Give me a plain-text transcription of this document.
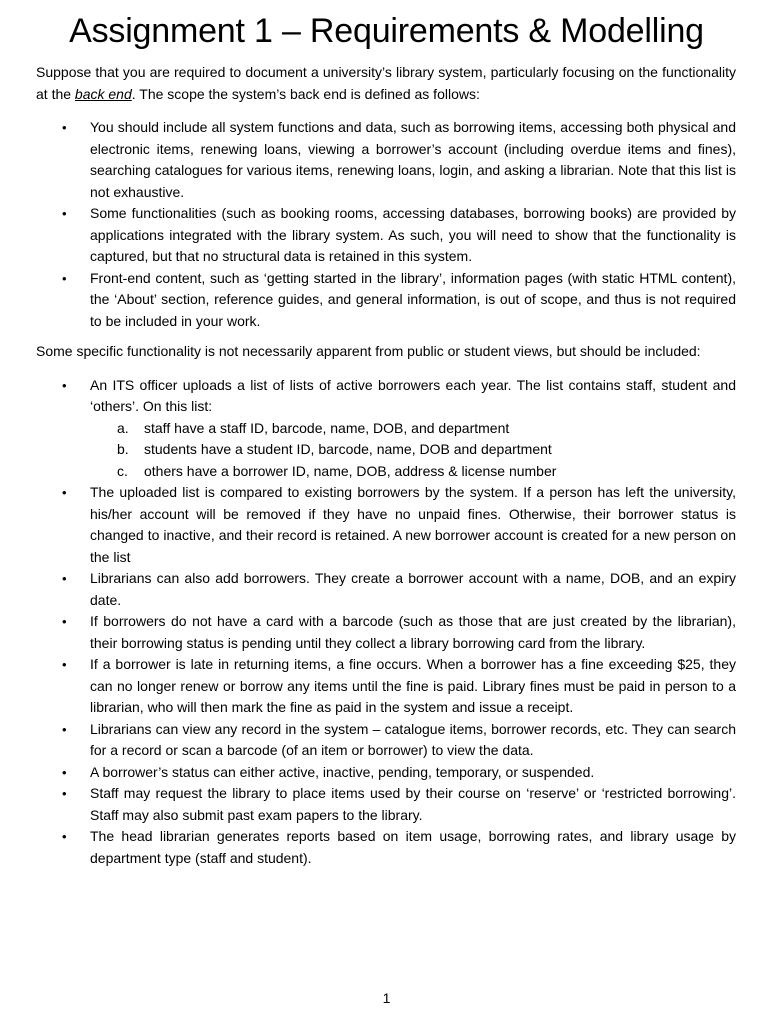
Assignment 1 – Requirements & Modelling

Suppose that you are required to document a university’s library system, particularly focusing on the functionality at the back end. The scope the system’s back end is defined as follows:

• You should include all system functions and data, such as borrowing items, accessing both physical and electronic items, renewing loans, viewing a borrower’s account (including overdue items and fines), searching catalogues for various items, renewing loans, login, and asking a librarian. Note that this list is not exhaustive.
• Some functionalities (such as booking rooms, accessing databases, borrowing books) are provided by applications integrated with the library system. As such, you will need to show that the functionality is captured, but that no structural data is retained in this system.
• Front-end content, such as ‘getting started in the library’, information pages (with static HTML content), the ‘About’ section, reference guides, and general information, is out of scope, and thus is not required to be included in your work.

Some specific functionality is not necessarily apparent from public or student views, but should be included:

• An ITS officer uploads a list of lists of active borrowers each year. The list contains staff, student and ‘others’. On this list:
a. staff have a staff ID, barcode, name, DOB, and department
b. students have a student ID, barcode, name, DOB and department
c. others have a borrower ID, name, DOB, address & license number
• The uploaded list is compared to existing borrowers by the system. If a person has left the university, his/her account will be removed if they have no unpaid fines. Otherwise, their borrower status is changed to inactive, and their record is retained. A new borrower account is created for a new person on the list
• Librarians can also add borrowers. They create a borrower account with a name, DOB, and an expiry date.
• If borrowers do not have a card with a barcode (such as those that are just created by the librarian), their borrowing status is pending until they collect a library borrowing card from the library.
• If a borrower is late in returning items, a fine occurs. When a borrower has a fine exceeding $25, they can no longer renew or borrow any items until the fine is paid. Library fines must be paid in person to a librarian, who will then mark the fine as paid in the system and issue a receipt.
• Librarians can view any record in the system – catalogue items, borrower records, etc. They can search for a record or scan a barcode (of an item or borrower) to view the data.
• A borrower’s status can either active, inactive, pending, temporary, or suspended.
• Staff may request the library to place items used by their course on ‘reserve’ or ‘restricted borrowing’. Staff may also submit past exam papers to the library.
• The head librarian generates reports based on item usage, borrowing rates, and library usage by department type (staff and student).
1
